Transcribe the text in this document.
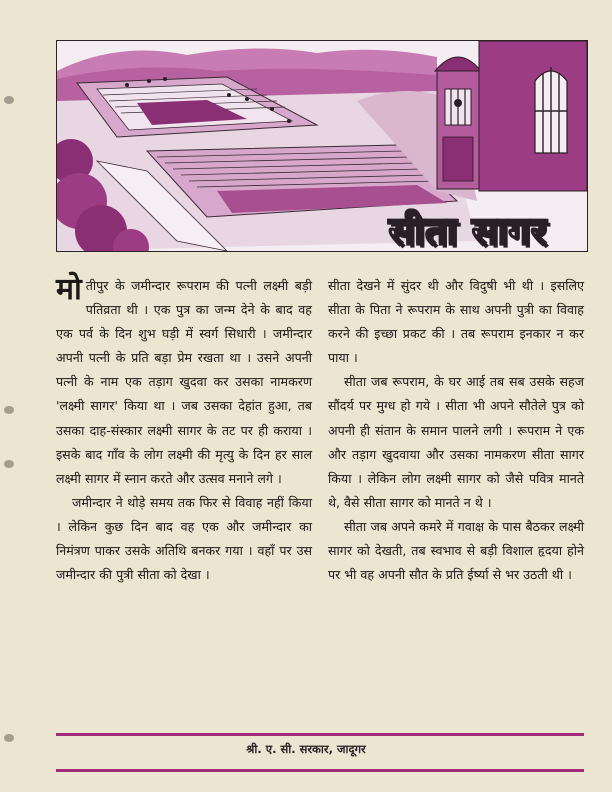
सीता सागर

मोतीपुर के जमीन्दार रूपराम की पत्नी लक्ष्मी बड़ी पतिव्रता थी । एक पुत्र का जन्म देने के बाद वह एक पर्व के दिन शुभ घड़ी में स्वर्ग सिधारी । जमीन्दार अपनी पत्नी के प्रति बड़ा प्रेम रखता था । उसने अपनी पत्नी के नाम एक तड़ाग खुदवा कर उसका नामकरण 'लक्ष्मी सागर' किया था । जब उसका देहांत हुआ, तब उसका दाह-संस्कार लक्ष्मी सागर के तट पर ही कराया । इसके बाद गाँव के लोग लक्ष्मी की मृत्यु के दिन हर साल लक्ष्मी सागर में स्नान करते और उत्सव मनाने लगे ।

जमीन्दार ने थोड़े समय तक फिर से विवाह नहीं किया । लेकिन कुछ दिन बाद वह एक और जमीन्दार का निमंत्रण पाकर उसके अतिथि बनकर गया । वहाँ पर उस जमीन्दार की पुत्री सीता को देखा ।

सीता देखने में सुंदर थी और विदुषी भी थी । इसलिए सीता के पिता ने रूपराम के साथ अपनी पुत्री का विवाह करने की इच्छा प्रकट की । तब रूपराम इनकार न कर पाया ।

सीता जब रूपराम, के घर आई तब सब उसके सहज सौंदर्य पर मुग्ध हो गये । सीता भी अपने सौतेले पुत्र को अपनी ही संतान के समान पालने लगी । रूपराम ने एक और तड़ाग खुदवाया और उसका नामकरण सीता सागर किया । लेकिन लोग लक्ष्मी सागर को जैसे पवित्र मानते थे, वैसे सीता सागर को मानते न थे ।

सीता जब अपने कमरे में गवाक्ष के पास बैठकर लक्ष्मी सागर को देखती, तब स्वभाव से बड़ी विशाल हृदया होने पर भी वह अपनी सौत के प्रति ईर्ष्या से भर उठती थी ।

श्री. ए. सी. सरकार, जादूगर
